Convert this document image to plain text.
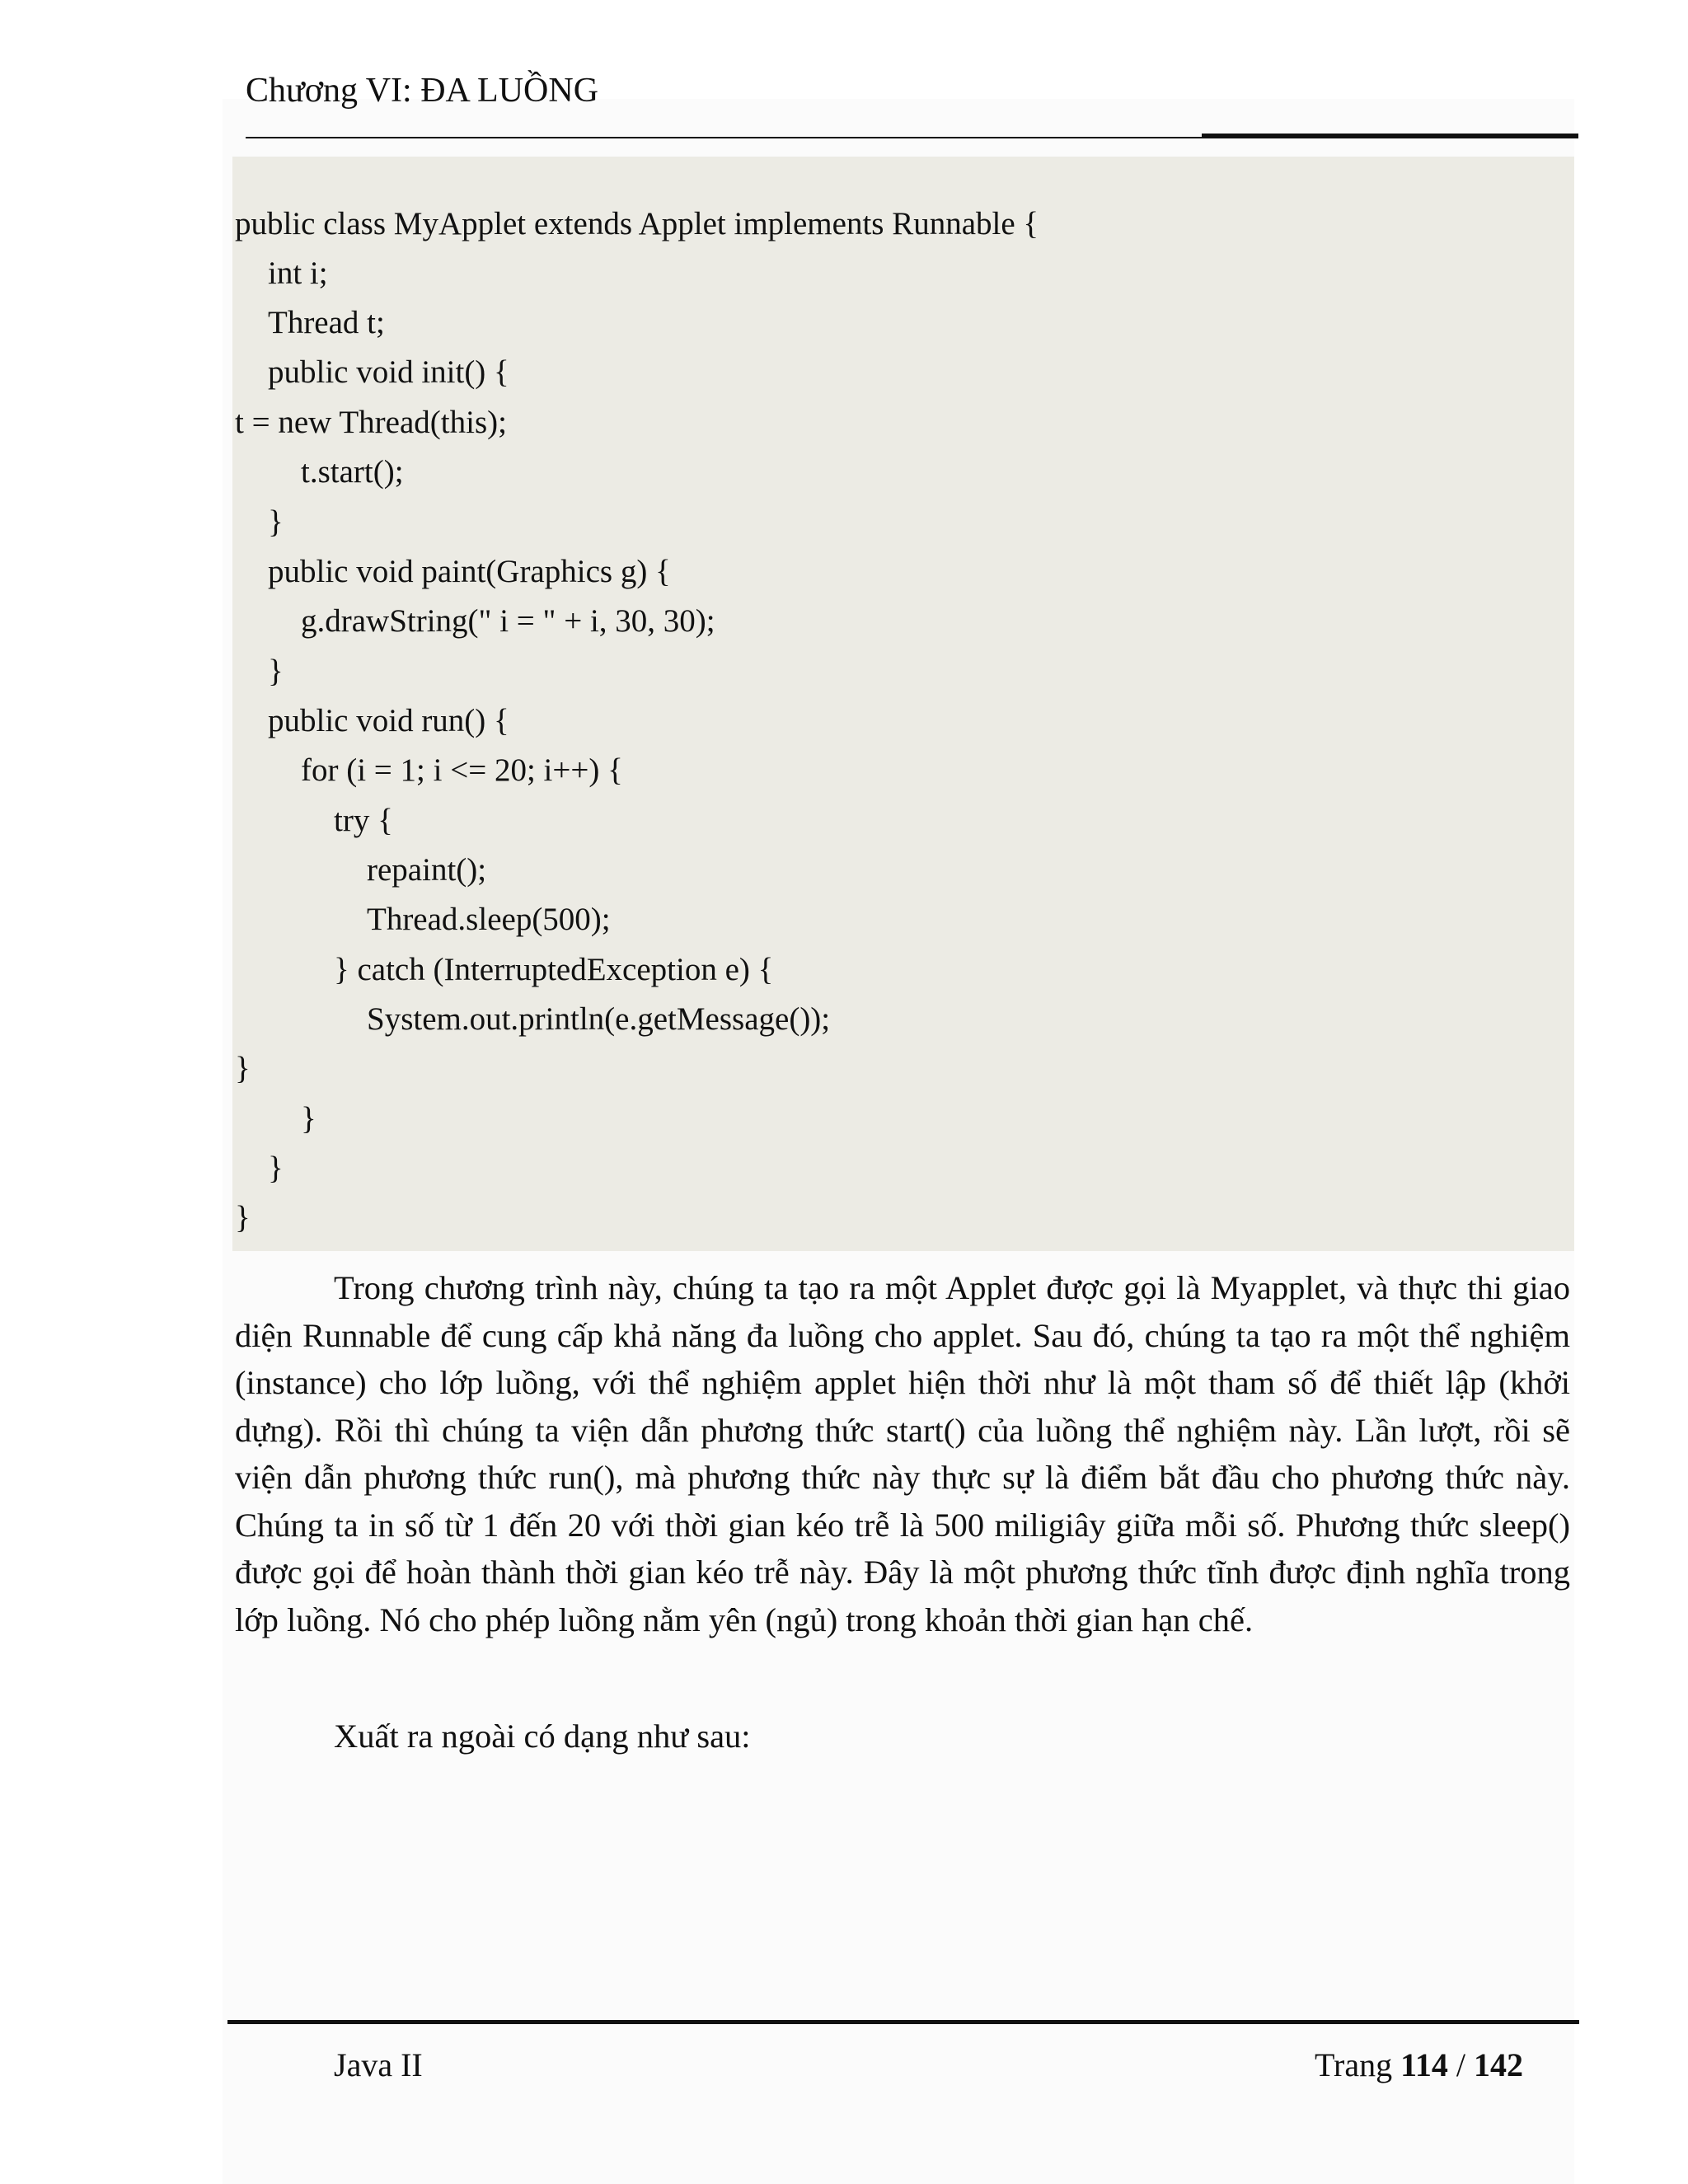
Chương VI: ĐA LUỒNG
public class MyApplet extends Applet implements Runnable {
int i;
Thread t;
public void init() {
t = new Thread(this);
t.start();
}
public void paint(Graphics g) {
g.drawString(" i = " + i, 30, 30);
}
public void run() {
for (i = 1; i <= 20; i++) {
try {
repaint();
Thread.sleep(500);
} catch (InterruptedException e) {
System.out.println(e.getMessage());
}
}
}
}

Trong chương trình này, chúng ta tạo ra một Applet được gọi là Myapplet, và thực thi giao diện Runnable để cung cấp khả năng đa luồng cho applet. Sau đó, chúng ta tạo ra một thể nghiệm (instance) cho lớp luồng, với thể nghiệm applet hiện thời như là một tham số để thiết lập (khởi dựng). Rồi thì chúng ta viện dẫn phương thức start() của luồng thể nghiệm này. Lần lượt, rồi sẽ viện dẫn phương thức run(), mà phương thức này thực sự là điểm bắt đầu cho phương thức này. Chúng ta in số từ 1 đến 20 với thời gian kéo trễ là 500 miligiây giữa mỗi số. Phương thức sleep() được gọi để hoàn thành thời gian kéo trễ này. Đây là một phương thức tĩnh được định nghĩa trong lớp luồng. Nó cho phép luồng nằm yên (ngủ) trong khoản thời gian hạn chế.

Xuất ra ngoài có dạng như sau:
Java II	Trang 114 / 142
